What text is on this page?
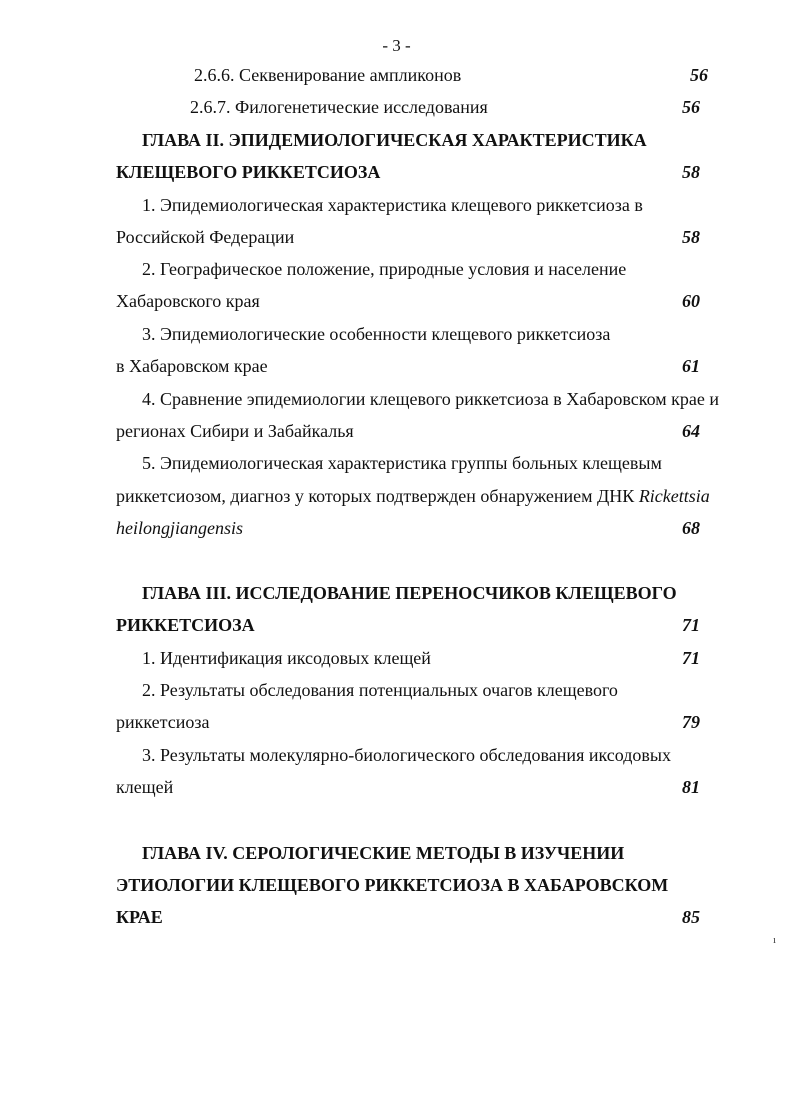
- 3 -
2.6.6. Секвенирование ампликонов	56
2.6.7. Филогенетические исследования	56
ГЛАВА II. ЭПИДЕМИОЛОГИЧЕСКАЯ ХАРАКТЕРИСТИКА
КЛЕЩЕВОГО РИККЕТСИОЗА	58
1. Эпидемиологическая характеристика клещевого риккетсиоза в
Российской Федерации	58
2. Географическое положение, природные условия и население
Хабаровского края	60
3. Эпидемиологические особенности клещевого риккетсиоза
в Хабаровском крае	61
4. Сравнение эпидемиологии клещевого риккетсиоза в Хабаровском крае и
регионах Сибири и Забайкалья	64
5. Эпидемиологическая характеристика группы больных клещевым
риккетсиозом, диагноз у которых подтвержден обнаружением ДНК Rickettsia
heilongjiangensis	68
ГЛАВА III. ИССЛЕДОВАНИЕ ПЕРЕНОСЧИКОВ КЛЕЩЕВОГО
РИККЕТСИОЗА	71
1. Идентификация иксодовых клещей	71
2. Результаты обследования потенциальных очагов клещевого
риккетсиоза	79
3. Результаты молекулярно-биологического обследования иксодовых
клещей	81
ГЛАВА IV. СЕРОЛОГИЧЕСКИЕ МЕТОДЫ В ИЗУЧЕНИИ
ЭТИОЛОГИИ КЛЕЩЕВОГО РИККЕТСИОЗА В ХАБАРОВСКОМ
КРАЕ	85
ı
